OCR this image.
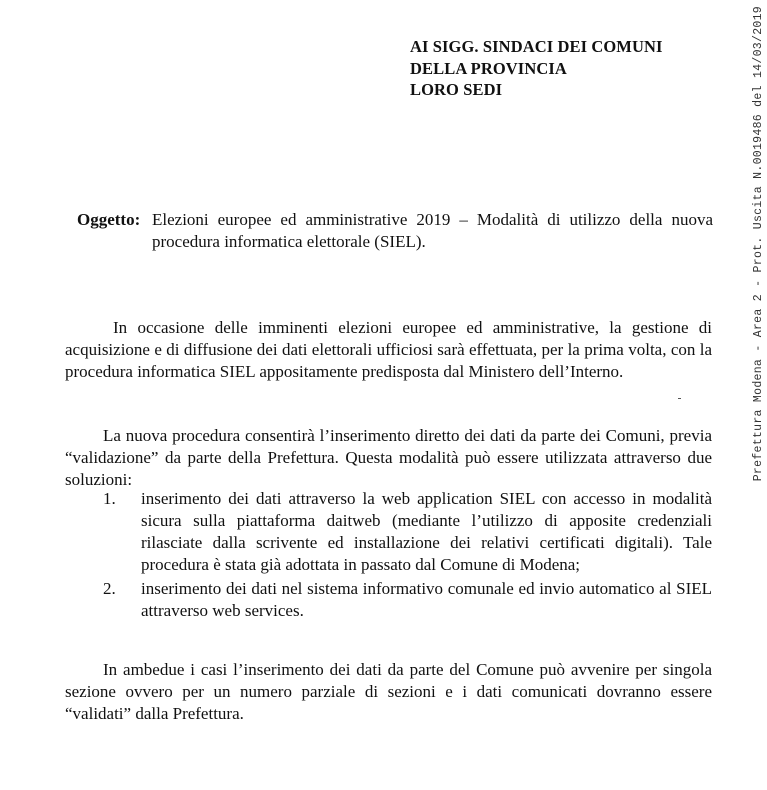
AI SIGG. SINDACI DEI COMUNI
DELLA PROVINCIA
LORO SEDI
Oggetto: Elezioni europee ed amministrative 2019 – Modalità di utilizzo della nuova procedura informatica elettorale (SIEL).
In occasione delle imminenti elezioni europee ed amministrative, la gestione di acquisizione e di diffusione dei dati elettorali ufficiosi sarà effettuata, per la prima volta, con la procedura informatica SIEL appositamente predisposta dal Ministero dell’Interno.
La nuova procedura consentirà l’inserimento diretto dei dati da parte dei Comuni, previa “validazione” da parte della Prefettura. Questa modalità può essere utilizzata attraverso due soluzioni:
1. inserimento dei dati attraverso la web application SIEL con accesso in modalità sicura sulla piattaforma daitweb (mediante l’utilizzo di apposite credenziali rilasciate dalla scrivente ed installazione dei relativi certificati digitali). Tale procedura è stata già adottata in passato dal Comune di Modena;
2. inserimento dei dati nel sistema informativo comunale ed invio automatico al SIEL attraverso web services.
In ambedue i casi l’inserimento dei dati da parte del Comune può avvenire per singola sezione ovvero per un numero parziale di sezioni e i dati comunicati dovranno essere “validati” dalla Prefettura.
Prefettura Modena - Area 2 - Prot. Uscita N.0019486 del 14/03/2019
